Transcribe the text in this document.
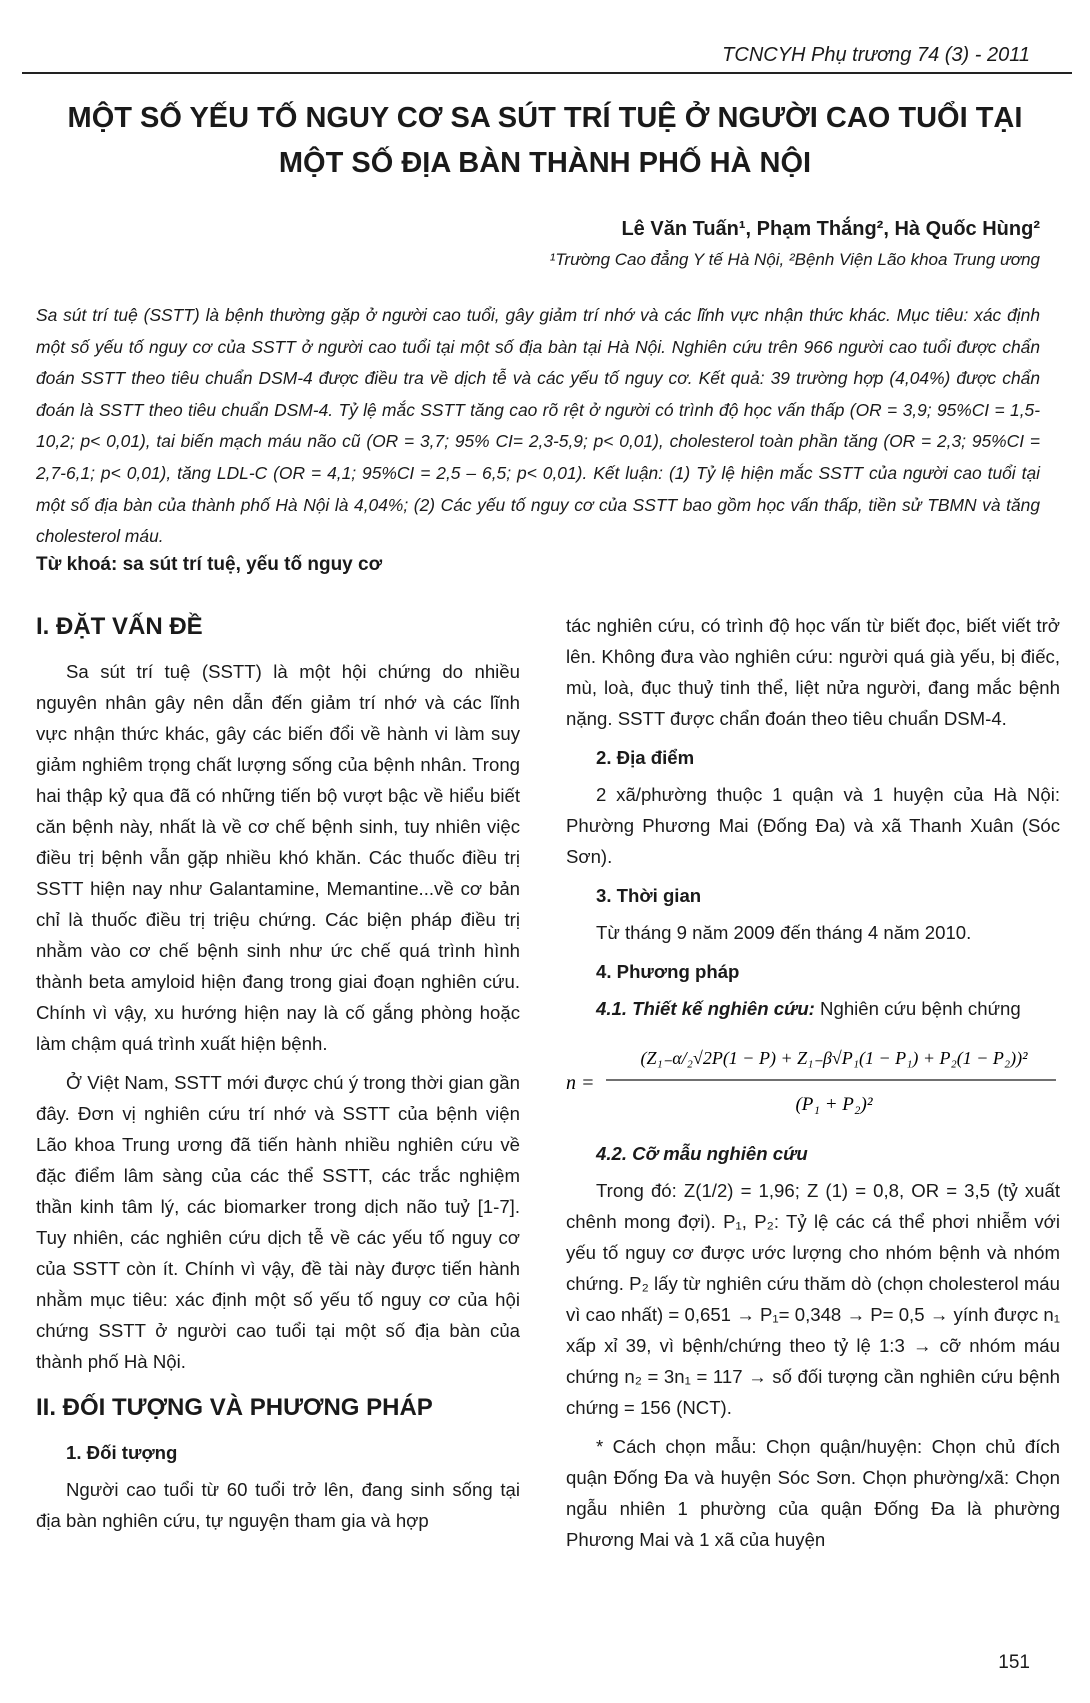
TCNCYH Phụ trương 74 (3) - 2011
MỘT SỐ YẾU TỐ NGUY CƠ SA SÚT TRÍ TUỆ Ở NGƯỜI CAO TUỔI TẠI
MỘT SỐ ĐỊA BÀN THÀNH PHỐ HÀ NỘI
Lê Văn Tuấn¹, Phạm Thắng², Hà Quốc Hùng²
¹Trường Cao đẳng Y tế Hà Nội, ²Bệnh Viện Lão khoa Trung ương
Sa sút trí tuệ (SSTT) là bệnh thường gặp ở người cao tuổi, gây giảm trí nhớ và các lĩnh vực nhận thức khác. Mục tiêu: xác định một số yếu tố nguy cơ của SSTT ở người cao tuổi tại một số địa bàn tại Hà Nội. Nghiên cứu trên 966 người cao tuổi được chẩn đoán SSTT theo tiêu chuẩn DSM-4 được điều tra về dịch tễ và các yếu tố nguy cơ. Kết quả: 39 trường hợp (4,04%) được chẩn đoán là SSTT theo tiêu chuẩn DSM-4. Tỷ lệ mắc SSTT tăng cao rõ rệt ở người có trình độ học vấn thấp (OR = 3,9; 95%CI = 1,5-10,2; p< 0,01), tai biến mạch máu não cũ (OR = 3,7; 95% CI= 2,3-5,9; p< 0,01), cholesterol toàn phần tăng (OR = 2,3; 95%CI = 2,7-6,1; p< 0,01), tăng LDL-C (OR = 4,1; 95%CI = 2,5 – 6,5; p< 0,01). Kết luận: (1) Tỷ lệ hiện mắc SSTT của người cao tuổi tại một số địa bàn của thành phố Hà Nội là 4,04%; (2) Các yếu tố nguy cơ của SSTT bao gồm học vấn thấp, tiền sử TBMN và tăng cholesterol máu.
Từ khoá: sa sút trí tuệ, yếu tố nguy cơ
I. ĐẶT VẤN ĐỀ

Sa sút trí tuệ (SSTT) là một hội chứng do nhiều nguyên nhân gây nên dẫn đến giảm trí nhớ và các lĩnh vực nhận thức khác, gây các biến đổi về hành vi làm suy giảm nghiêm trọng chất lượng sống của bệnh nhân. Trong hai thập kỷ qua đã có những tiến bộ vượt bậc về hiểu biết căn bệnh này, nhất là về cơ chế bệnh sinh, tuy nhiên việc điều trị bệnh vẫn gặp nhiều khó khăn. Các thuốc điều trị SSTT hiện nay như Galantamine, Memantine...về cơ bản chỉ là thuốc điều trị triệu chứng. Các biện pháp điều trị nhằm vào cơ chế bệnh sinh như ức chế quá trình hình thành beta amyloid hiện đang trong giai đoạn nghiên cứu. Chính vì vậy, xu hướng hiện nay là cố gắng phòng hoặc làm chậm quá trình xuất hiện bệnh.

Ở Việt Nam, SSTT mới được chú ý trong thời gian gần đây. Đơn vị nghiên cứu trí nhớ và SSTT của bệnh viện Lão khoa Trung ương đã tiến hành nhiều nghiên cứu về đặc điểm lâm sàng của các thể SSTT, các trắc nghiệm thần kinh tâm lý, các biomarker trong dịch não tuỷ [1-7]. Tuy nhiên, các nghiên cứu dịch tễ về các yếu tố nguy cơ của SSTT còn ít. Chính vì vậy, đề tài này được tiến hành nhằm mục tiêu: xác định một số yếu tố nguy cơ của hội chứng SSTT ở người cao tuổi tại một số địa bàn của thành phố Hà Nội.

II. ĐỐI TƯỢNG VÀ PHƯƠNG PHÁP
1. Đối tượng

Người cao tuổi từ 60 tuổi trở lên, đang sinh sống tại địa bàn nghiên cứu, tự nguyện tham gia và hợp

tác nghiên cứu, có trình độ học vấn từ biết đọc, biết viết trở lên. Không đưa vào nghiên cứu: người quá già yếu, bị điếc, mù, loà, đục thuỷ tinh thể, liệt nửa người, đang mắc bệnh nặng. SSTT được chẩn đoán theo tiêu chuẩn DSM-4.

2. Địa điểm

2 xã/phường thuộc 1 quận và 1 huyện của Hà Nội: Phường Phương Mai (Đống Đa) và xã Thanh Xuân (Sóc Sơn).

3. Thời gian

Từ tháng 9 năm 2009 đến tháng 4 năm 2010.

4. Phương pháp
4.1. Thiết kế nghiên cứu: Nghiên cứu bệnh chứng
n =
(Z₁₋α/₂√2P(1 − P) + Z₁₋β√P₁(1 − P₁) + P₂(1 − P₂))²
(P₁ + P₂)²
4.2. Cỡ mẫu nghiên cứu

Trong đó: Z(1/2) = 1,96; Z (1) = 0,8, OR = 3,5 (tỷ xuất chênh mong đợi). P₁, P₂: Tỷ lệ các cá thể phơi nhiễm với yếu tố nguy cơ được ước lượng cho nhóm bệnh và nhóm chứng. P₂ lấy từ nghiên cứu thăm dò (chọn cholesterol máu vì cao nhất) = 0,651 → P₁= 0,348 → P= 0,5 → yính được n₁ xấp xỉ 39, vì bệnh/chứng theo tỷ lệ 1:3 → cỡ nhóm máu chứng n₂ = 3n₁ = 117 → số đối tượng cần nghiên cứu bệnh chứng = 156 (NCT).

* Cách chọn mẫu: Chọn quận/huyện: Chọn chủ đích quận Đống Đa và huyện Sóc Sơn. Chọn phường/xã: Chọn ngẫu nhiên 1 phường của quận Đống Đa là phường Phương Mai và 1 xã của huyện

151
